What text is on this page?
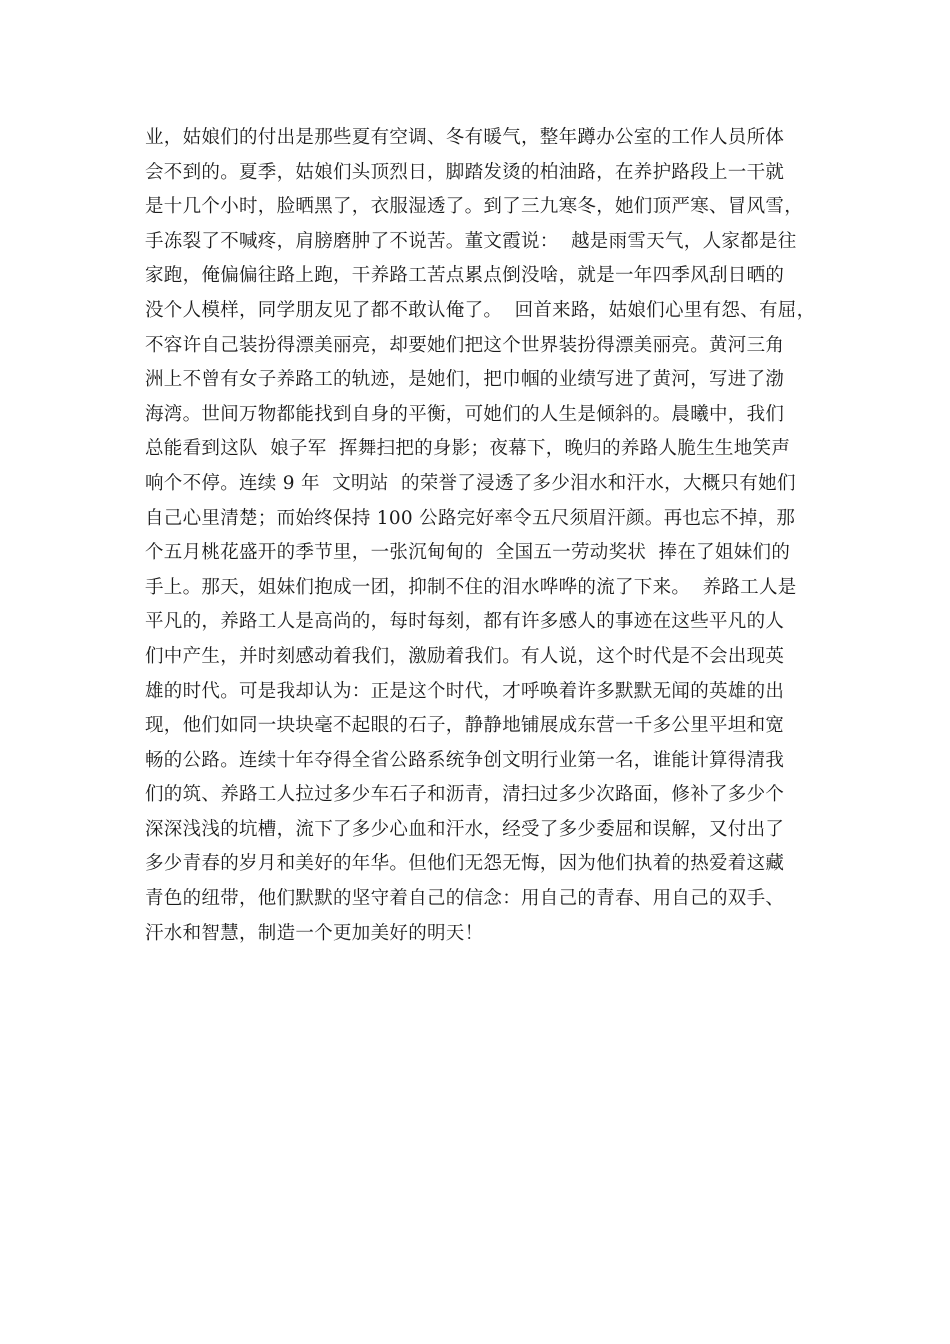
业，姑娘们的付出是那些夏有空调、冬有暖气，整年蹲办公室的工作人员所体
会不到的。夏季，姑娘们头顶烈日，脚踏发烫的柏油路，在养护路段上一干就
是十几个小时，脸晒黑了，衣服湿透了。到了三九寒冬，她们顶严寒、冒风雪，
手冻裂了不喊疼，肩膀磨肿了不说苦。董文霞说：  越是雨雪天气，人家都是往
家跑，俺偏偏往路上跑，干养路工苦点累点倒没啥，就是一年四季风刮日晒的
没个人模样，同学朋友见了都不敢认俺了。  回首来路，姑娘们心里有怨、有屈，
不容许自己装扮得漂美丽亮，却要她们把这个世界装扮得漂美丽亮。黄河三角
洲上不曾有女子养路工的轨迹，是她们，把巾帼的业绩写进了黄河，写进了渤
海湾。世间万物都能找到自身的平衡，可她们的人生是倾斜的。晨曦中，我们
总能看到这队  娘子军  挥舞扫把的身影；夜幕下，晚归的养路人脆生生地笑声
响个不停。连续 9 年  文明站  的荣誉了浸透了多少泪水和汗水，大概只有她们
自己心里清楚；而始终保持 100 公路完好率令五尺须眉汗颜。再也忘不掉，那
个五月桃花盛开的季节里，一张沉甸甸的  全国五一劳动奖状  捧在了姐妹们的
手上。那天，姐妹们抱成一团，抑制不住的泪水哗哗的流了下来。  养路工人是
平凡的，养路工人是高尚的，每时每刻，都有许多感人的事迹在这些平凡的人
们中产生，并时刻感动着我们，激励着我们。有人说，这个时代是不会出现英
雄的时代。可是我却认为：正是这个时代，才呼唤着许多默默无闻的英雄的出
现，他们如同一块块毫不起眼的石子，静静地铺展成东营一千多公里平坦和宽
畅的公路。连续十年夺得全省公路系统争创文明行业第一名，谁能计算得清我
们的筑、养路工人拉过多少车石子和沥青，清扫过多少次路面，修补了多少个
深深浅浅的坑槽，流下了多少心血和汗水，经受了多少委屈和误解，又付出了
多少青春的岁月和美好的年华。但他们无怨无悔，因为他们执着的热爱着这藏
青色的纽带，他们默默的坚守着自己的信念：用自己的青春、用自己的双手、
汗水和智慧，制造一个更加美好的明天！
